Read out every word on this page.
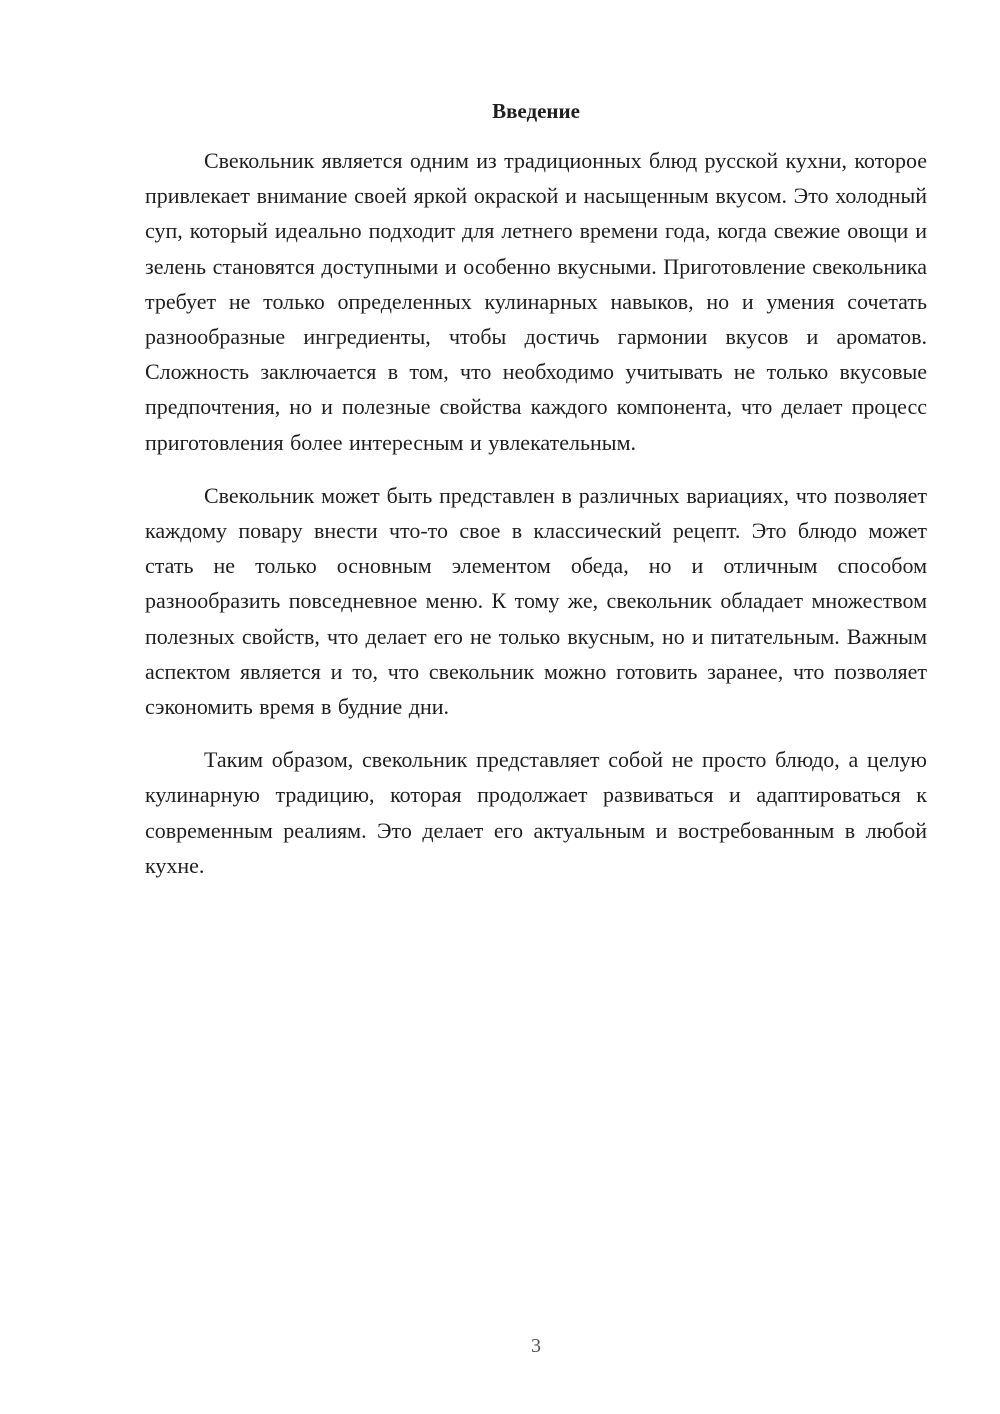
Введение

Свекольник является одним из традиционных блюд русской кухни, которое привлекает внимание своей яркой окраской и насыщенным вкусом. Это холодный суп, который идеально подходит для летнего времени года, когда свежие овощи и зелень становятся доступными и особенно вкусными. Приготовление свекольника требует не только определенных кулинарных навыков, но и умения сочетать разнообразные ингредиенты, чтобы достичь гармонии вкусов и ароматов. Сложность заключается в том, что необходимо учитывать не только вкусовые предпочтения, но и полезные свойства каждого компонента, что делает процесс приготовления более интересным и увлекательным.

Свекольник может быть представлен в различных вариациях, что позволяет каждому повару внести что-то свое в классический рецепт. Это блюдо может стать не только основным элементом обеда, но и отличным способом разнообразить повседневное меню. К тому же, свекольник обладает множеством полезных свойств, что делает его не только вкусным, но и питательным. Важным аспектом является и то, что свекольник можно готовить заранее, что позволяет сэкономить время в будние дни.

Таким образом, свекольник представляет собой не просто блюдо, а целую кулинарную традицию, которая продолжает развиваться и адаптироваться к современным реалиям. Это делает его актуальным и востребованным в любой кухне.

3
